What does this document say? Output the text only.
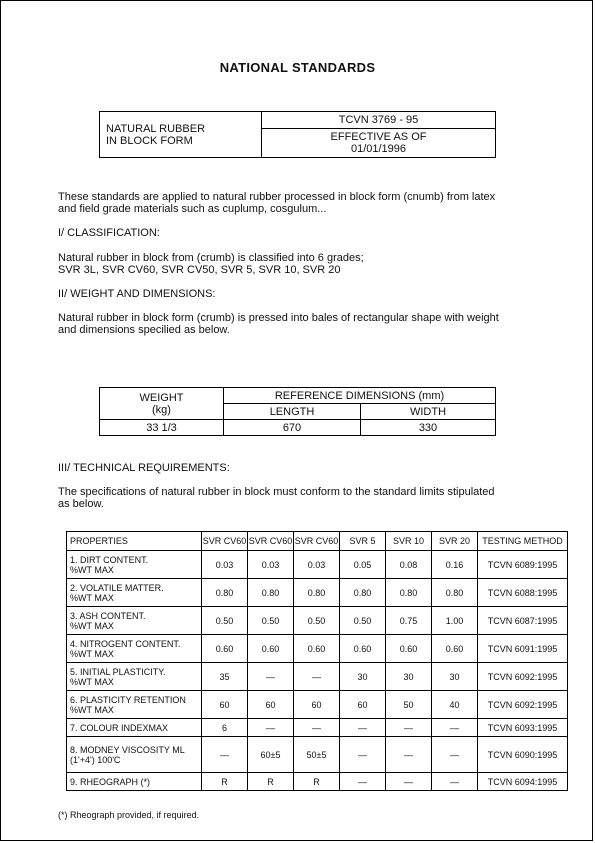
NATIONAL STANDARDS
NATURAL RUBBER
IN BLOCK FORM
	TCVN 3769 - 95

EFFECTIVE AS OF
01/01/1996
These standards are applied to natural rubber processed in block form (cnumb) from latex
and field grade materials such as cuplump, cosgulum...
I/ CLASSIFICATION:
Natural rubber in block from (crumb) is classified into 6 grades;
SVR 3L, SVR CV60, SVR CV50, SVR 5, SVR 10, SVR 20
II/ WEIGHT AND DIMENSIONS:
Natural rubber in block form (crumb) is pressed into bales of rectangular shape with weight
and dimensions specilied as below.
WEIGHT
(kg)	REFERENCE DIMENSIONS (mm)	
	LENGTH	WIDTH
33 1/3	670	330
III/ TECHNICAL REQUIREMENTS:
The specifications of natural rubber in block must conform to the standard limits stipulated
as below.
PROPERTIES	SVR CV60	SVR CV60	SVR CV60	SVR 5	SVR 10	SVR 20	TESTING METHOD

1. DIRT CONTENT.
%WT MAX	0.03	0.03	0.03	0.05	0.08	0.16	TCVN 6089:1995

2. VOLATILE MATTER.
%WT MAX	0.80	0.80	0.80	0.80	0.80	0.80	TCVN 6088:1995

3. ASH CONTENT.
%WT MAX	0.50	0.50	0.50	0.50	0.75	1.00	TCVN 6087:1995

4. NITROGENT CONTENT.
%WT MAX	0.60	0.60	0.60	0.60	0.60	0.60	TCVN 6091:1995

5. INITIAL PLASTICITY.
%WT MAX	35	—	—	30	30	30	TCVN 6092:1995

6. PLASTICITY RETENTION
%WT MAX	60	60	60	60	50	40	TCVN 6092:1995

7. COLOUR INDEXMAX	6	—	—	—	—	—	TCVN 6093:1995

8. MODNEY VISCOSITY ML
(1'+4') 100'C	—	60±5	50±5	—	—	—	TCVN 6090:1995

9. RHEOGRAPH (*)	R	R	R	—	—	—	TCVN 6094:1995
(*) Rheograph provided, if required.
